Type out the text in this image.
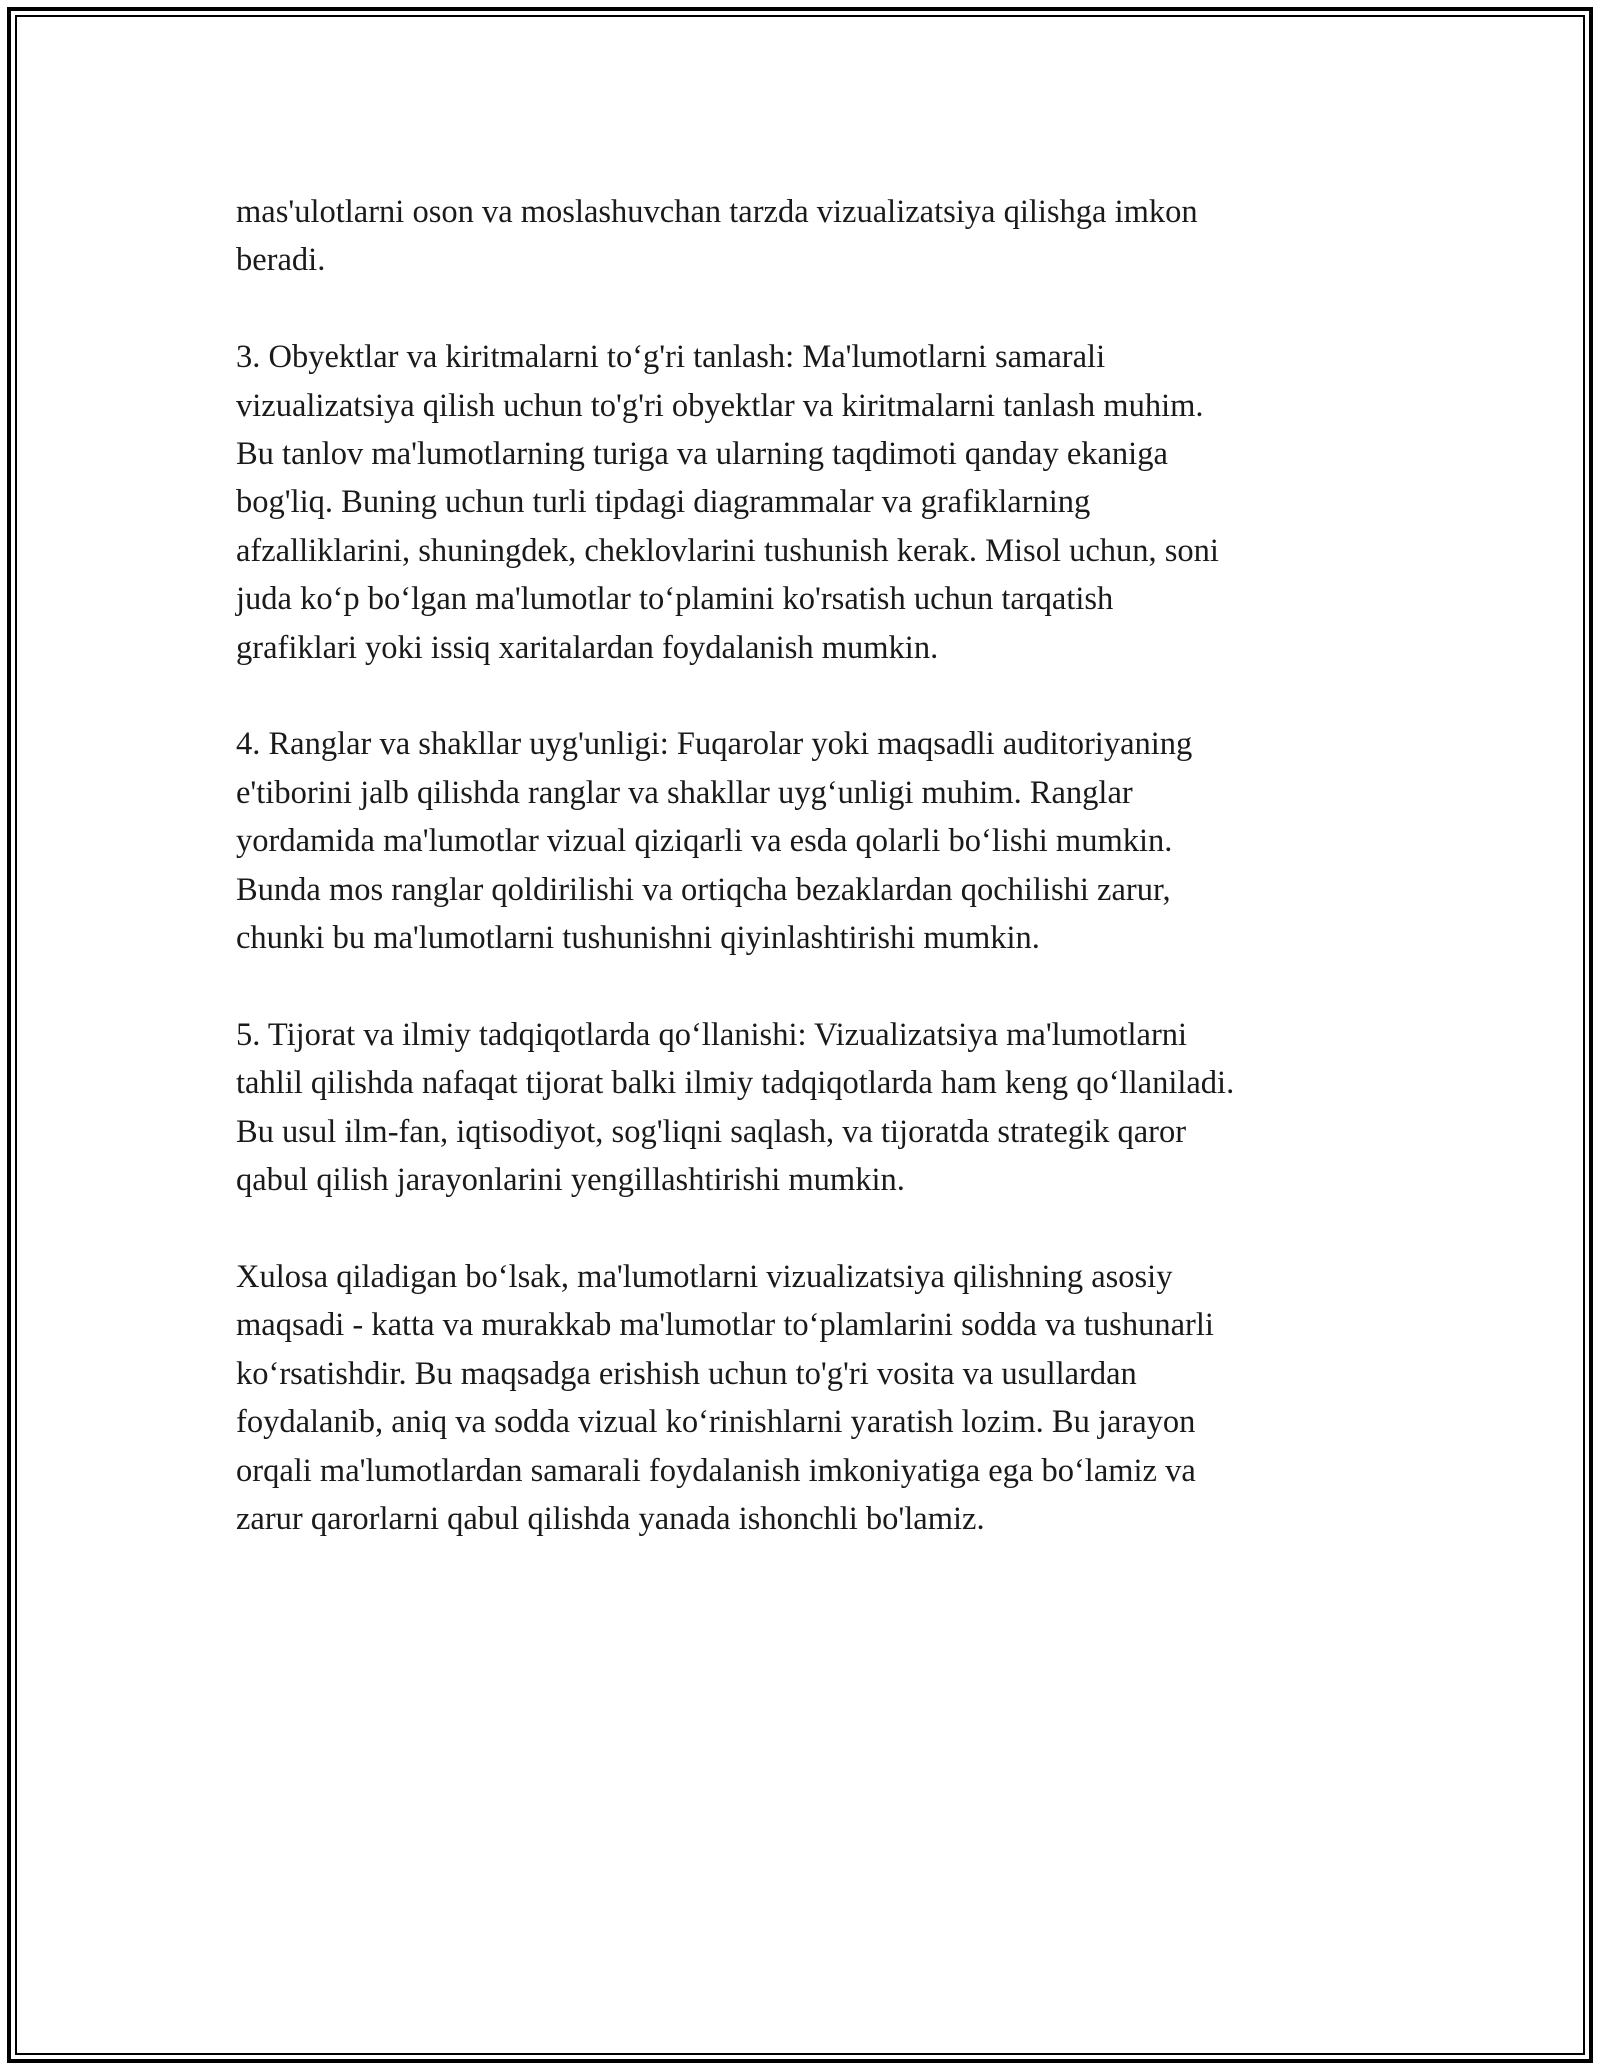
mas'ulotlarni oson va moslashuvchan tarzda vizualizatsiya qilishga imkon
beradi.

3. Obyektlar va kiritmalarni to‘g'ri tanlash: Ma'lumotlarni samarali
vizualizatsiya qilish uchun to'g'ri obyektlar va kiritmalarni tanlash muhim.
Bu tanlov ma'lumotlarning turiga va ularning taqdimoti qanday ekaniga
bog'liq. Buning uchun turli tipdagi diagrammalar va grafiklarning
afzalliklarini, shuningdek, cheklovlarini tushunish kerak. Misol uchun, soni
juda ko‘p bo‘lgan ma'lumotlar to‘plamini ko'rsatish uchun tarqatish
grafiklari yoki issiq xaritalardan foydalanish mumkin.

4. Ranglar va shakllar uyg'unligi: Fuqarolar yoki maqsadli auditoriyaning
e'tiborini jalb qilishda ranglar va shakllar uyg‘unligi muhim. Ranglar
yordamida ma'lumotlar vizual qiziqarli va esda qolarli bo‘lishi mumkin.
Bunda mos ranglar qoldirilishi va ortiqcha bezaklardan qochilishi zarur,
chunki bu ma'lumotlarni tushunishni qiyinlashtirishi mumkin.

5. Tijorat va ilmiy tadqiqotlarda qo‘llanishi: Vizualizatsiya ma'lumotlarni
tahlil qilishda nafaqat tijorat balki ilmiy tadqiqotlarda ham keng qo‘llaniladi.
Bu usul ilm-fan, iqtisodiyot, sog'liqni saqlash, va tijoratda strategik qaror
qabul qilish jarayonlarini yengillashtirishi mumkin.

Xulosa qiladigan bo‘lsak, ma'lumotlarni vizualizatsiya qilishning asosiy
maqsadi - katta va murakkab ma'lumotlar to‘plamlarini sodda va tushunarli
ko‘rsatishdir. Bu maqsadga erishish uchun to'g'ri vosita va usullardan
foydalanib, aniq va sodda vizual ko‘rinishlarni yaratish lozim. Bu jarayon
orqali ma'lumotlardan samarali foydalanish imkoniyatiga ega bo‘lamiz va
zarur qarorlarni qabul qilishda yanada ishonchli bo'lamiz.
